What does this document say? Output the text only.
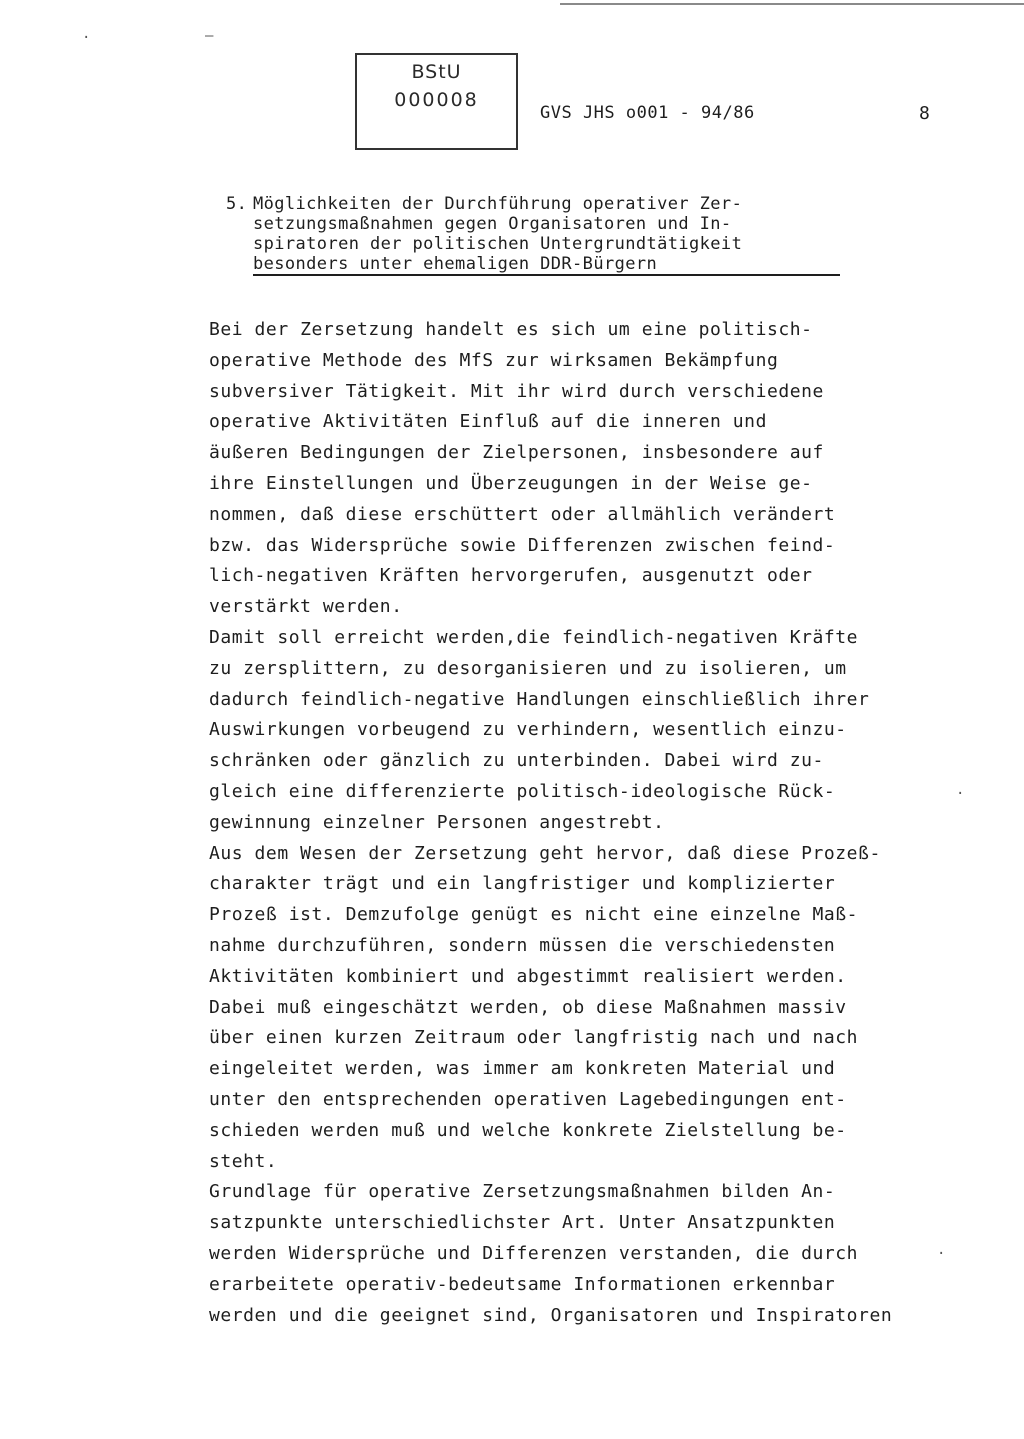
BStU
000008
GVS JHS o001 - 94/86	8
5. Möglichkeiten der Durchführung operativer Zer-
setzungsmaßnahmen gegen Organisatoren und In-
spiratoren der politischen Untergrundtätigkeit
besonders unter ehemaligen DDR-Bürgern
Bei der Zersetzung handelt es sich um eine politisch-
operative Methode des MfS zur wirksamen Bekämpfung
subversiver Tätigkeit. Mit ihr wird durch verschiedene
operative Aktivitäten Einfluß auf die inneren und
äußeren Bedingungen der Zielpersonen, insbesondere auf
ihre Einstellungen und Überzeugungen in der Weise ge-
nommen, daß diese erschüttert oder allmählich verändert
bzw. das Widersprüche sowie Differenzen zwischen feind-
lich-negativen Kräften hervorgerufen, ausgenutzt oder
verstärkt werden.
Damit soll erreicht werden,die feindlich-negativen Kräfte
zu zersplittern, zu desorganisieren und zu isolieren, um
dadurch feindlich-negative Handlungen einschließlich ihrer
Auswirkungen vorbeugend zu verhindern, wesentlich einzu-
schränken oder gänzlich zu unterbinden. Dabei wird zu-
gleich eine differenzierte politisch-ideologische Rück-
gewinnung einzelner Personen angestrebt.
Aus dem Wesen der Zersetzung geht hervor, daß diese Prozeß-
charakter trägt und ein langfristiger und komplizierter
Prozeß ist. Demzufolge genügt es nicht eine einzelne Maß-
nahme durchzuführen, sondern müssen die verschiedensten
Aktivitäten kombiniert und abgestimmt realisiert werden.
Dabei muß eingeschätzt werden, ob diese Maßnahmen massiv
über einen kurzen Zeitraum oder langfristig nach und nach
eingeleitet werden, was immer am konkreten Material und
unter den entsprechenden operativen Lagebedingungen ent-
schieden werden muß und welche konkrete Zielstellung be-
steht.
Grundlage für operative Zersetzungsmaßnahmen bilden An-
satzpunkte unterschiedlichster Art. Unter Ansatzpunkten
werden Widersprüche und Differenzen verstanden, die durch
erarbeitete operativ-bedeutsame Informationen erkennbar
werden und die geeignet sind, Organisatoren und Inspiratoren
·	–
·
·
